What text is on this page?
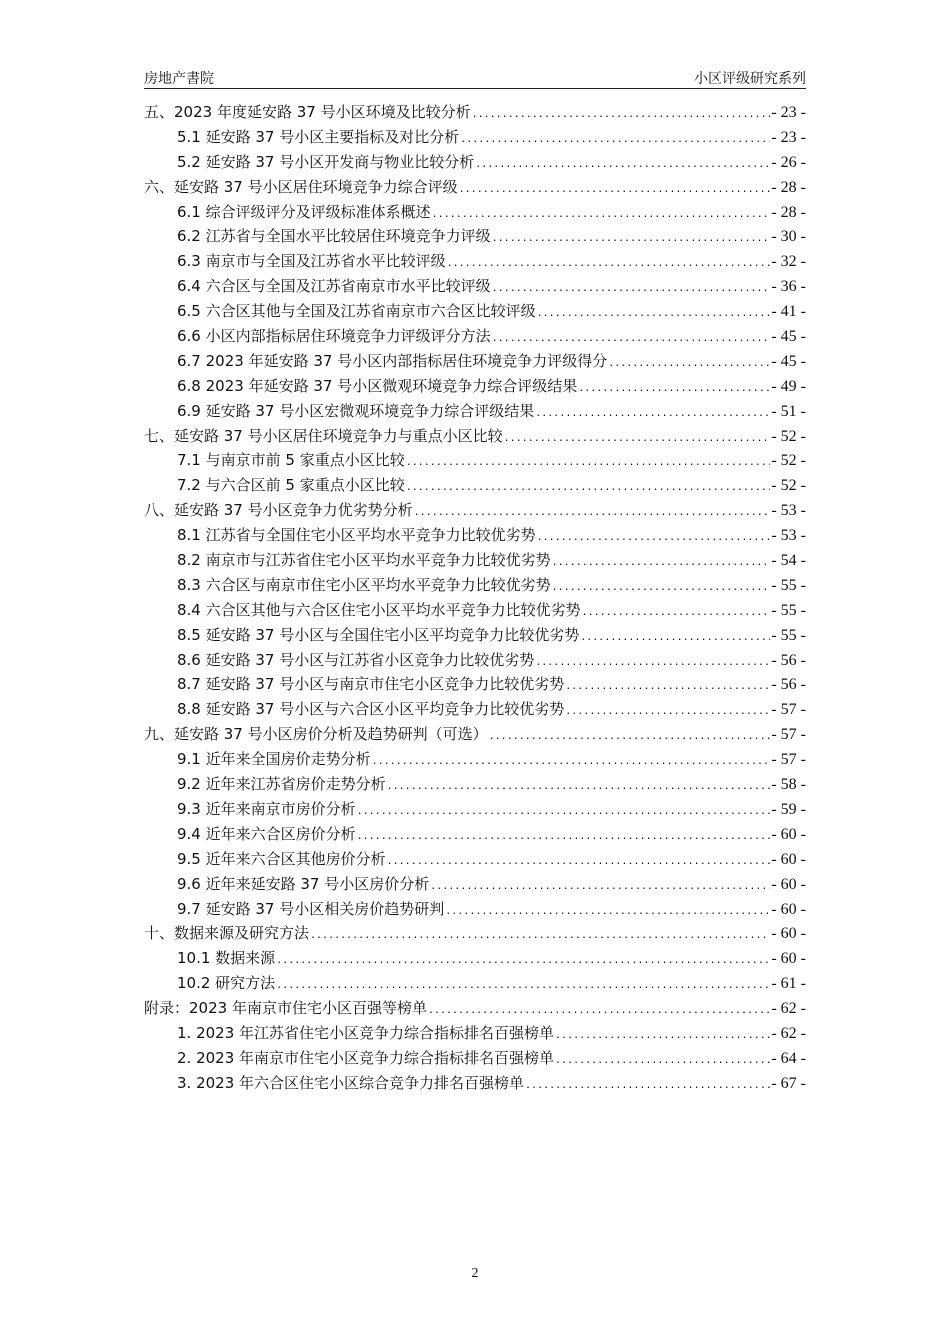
房地产書院	小区评级研究系列
五、2023 年度延安路 37 号小区环境及比较分析 .....	- 23 -
5.1 延安路 37 号小区主要指标及对比分析 .....	- 23 -
5.2 延安路 37 号小区开发商与物业比较分析 .....	- 26 -
六、延安路 37 号小区居住环境竞争力综合评级 .....	- 28 -
6.1 综合评级评分及评级标准体系概述 .....	- 28 -
6.2 江苏省与全国水平比较居住环境竞争力评级 .....	- 30 -
6.3 南京市与全国及江苏省水平比较评级 .....	- 32 -
6.4 六合区与全国及江苏省南京市水平比较评级 .....	- 36 -
6.5 六合区其他与全国及江苏省南京市六合区比较评级 .....	- 41 -
6.6 小区内部指标居住环境竞争力评级评分方法 .....	- 45 -
6.7 2023 年延安路 37 号小区内部指标居住环境竞争力评级得分 .....	- 45 -
6.8 2023 年延安路 37 号小区微观环境竞争力综合评级结果 .....	- 49 -
6.9 延安路 37 号小区宏微观环境竞争力综合评级结果 .....	- 51 -
七、延安路 37 号小区居住环境竞争力与重点小区比较 .....	- 52 -
7.1 与南京市前 5 家重点小区比较 .....	- 52 -
7.2 与六合区前 5 家重点小区比较 .....	- 52 -
八、延安路 37 号小区竞争力优劣势分析 .....	- 53 -
8.1 江苏省与全国住宅小区平均水平竞争力比较优劣势 .....	- 53 -
8.2 南京市与江苏省住宅小区平均水平竞争力比较优劣势 .....	- 54 -
8.3 六合区与南京市住宅小区平均水平竞争力比较优劣势 .....	- 55 -
8.4 六合区其他与六合区住宅小区平均水平竞争力比较优劣势 .....	- 55 -
8.5 延安路 37 号小区与全国住宅小区平均竞争力比较优劣势 .....	- 55 -
8.6 延安路 37 号小区与江苏省小区竞争力比较优劣势 .....	- 56 -
8.7 延安路 37 号小区与南京市住宅小区竞争力比较优劣势 .....	- 56 -
8.8 延安路 37 号小区与六合区小区平均竞争力比较优劣势 .....	- 57 -
九、延安路 37 号小区房价分析及趋势研判（可选） .....	- 57 -
9.1 近年来全国房价走势分析 .....	- 57 -
9.2 近年来江苏省房价走势分析 .....	- 58 -
9.3 近年来南京市房价分析 .....	- 59 -
9.4 近年来六合区房价分析 .....	- 60 -
9.5 近年来六合区其他房价分析 .....	- 60 -
9.6 近年来延安路 37 号小区房价分析 .....	- 60 -
9.7 延安路 37 号小区相关房价趋势研判 .....	- 60 -
十、数据来源及研究方法 .....	- 60 -
10.1 数据来源 .....	- 60 -
10.2 研究方法 .....	- 61 -
附录：2023 年南京市住宅小区百强等榜单 .....	- 62 -
1. 2023 年江苏省住宅小区竞争力综合指标排名百强榜单 .....	- 62 -
2. 2023 年南京市住宅小区竞争力综合指标排名百强榜单 .....	- 64 -
3. 2023 年六合区住宅小区综合竞争力排名百强榜单 .....	- 67 -
2
